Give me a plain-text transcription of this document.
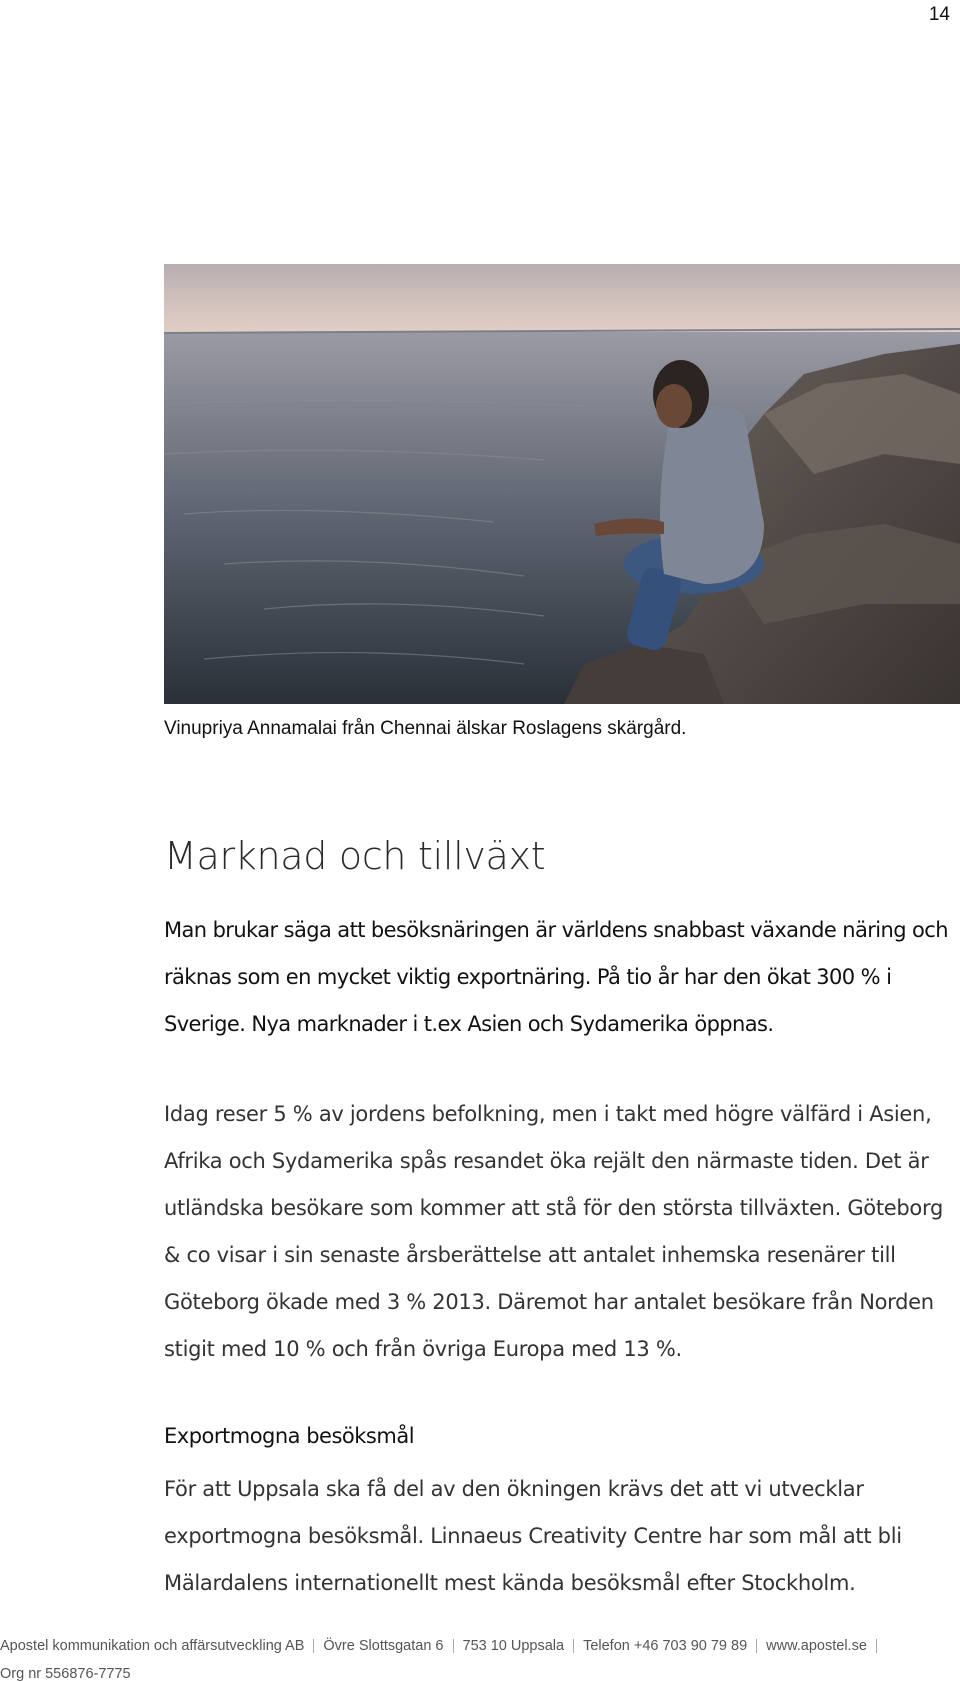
14
Vinupriya Annamalai från Chennai älskar Roslagens skärgård.
Marknad och tillväxt
Man brukar säga att besöksnäringen är världens snabbast växande näring och räknas som en mycket viktig exportnäring. På tio år har den ökat 300 % i Sverige. Nya marknader i t.ex Asien och Sydamerika öppnas.
Idag reser 5 % av jordens befolkning, men i takt med högre välfärd i Asien, Afrika och Sydamerika spås resandet öka rejält den närmaste tiden. Det är utländska besökare som kommer att stå för den största tillväxten. Göteborg & co visar i sin senaste årsberättelse att antalet inhemska resenärer till Göteborg ökade med 3 % 2013. Däremot har antalet besökare från Norden stigit med 10 % och från övriga Europa med 13 %.
Exportmogna besöksmål
För att Uppsala ska få del av den ökningen krävs det att vi utvecklar exportmogna besöksmål. Linnaeus Creativity Centre har som mål att bli Mälardalens internationellt mest kända besöksmål efter Stockholm.
Apostel kommunikation och affärsutveckling AB Övre Slottsgatan 6 753 10 Uppsala Telefon +46 703 90 79 89 www.apostel.se
Org nr 556876-7775
